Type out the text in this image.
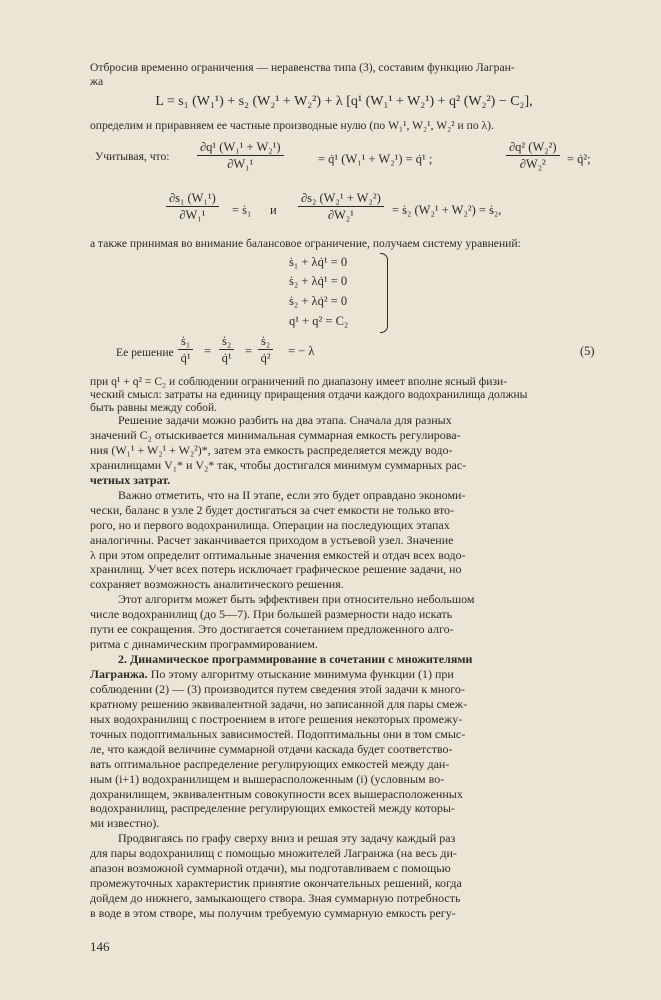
Отбросив временно ограничения — неравенства типа (3), составим функцию Лагран-
жа
L = s₁ (W₁¹) + s₂ (W₂¹ + W₂²) + λ [q¹ (W₁¹ + W₂¹) + q² (W₂²) − C₂],
определим и приравняем ее частные производные нулю (по W₁¹, W₂¹, W₂² и по λ).
Учитывая, что: $\frac{\text{∂q¹ (W₁¹ + W₂¹)}}{\text{∂W₁¹}}$	= q̇¹ (W₁¹ + W₂¹) = q̇¹ ;	$\frac{\text{∂q² (W₂²)}}{\text{∂W₂²}}$ = q̇²;
$\frac{\text{∂s₁ (W₁¹)}}{\text{∂W₁¹}}$ = ṡ₁ и $\frac{\text{∂s₂ (W₂¹ + W₂²)}}{\text{∂W₂¹}}$ = ṡ₂ (W₂¹ + W₂²) = ṡ₂,
а также принимая во внимание балансовое ограничение, получаем систему уравнений:
ṡ₁ + λq̇¹ = 0
ṡ₂ + λq̇¹ = 0
ṡ₂ + λq̇² = 0
q¹ + q² = C₂
Ее решение $\frac{\text{ṡ₁}}{\text{q̇¹}} = \frac{\text{ṡ₂}}{\text{q̇¹}} = \frac{\text{ṡ₂}}{\text{q̇²}}$ = − λ	(5)
при q¹ + q² = C₂ и соблюдении ограничений по диапазону имеет вполне ясный физи-
ческий смысл: затраты на единицу приращения отдачи каждого водохранилища должны
быть равны между собой.
Решение задачи можно разбить на два этапа. Сначала для разных
значений C₂ отыскивается минимальная суммарная емкость регулирова-
ния (W₁¹ + W₂¹ + W₂²)*, затем эта емкость распределяется между водо-
хранилищами V₁* и V₂* так, чтобы достигался минимум суммарных рас-
четных затрат.
Важно отметить, что на II этапе, если это будет оправдано экономи-
чески, баланс в узле 2 будет достигаться за счет емкости не только вто-
рого, но и первого водохранилища. Операции на последующих этапах
аналогичны. Расчет заканчивается приходом в устьевой узел. Значение
λ при этом определит оптимальные значения емкостей и отдач всех водо-
хранилищ. Учет всех потерь исключает графическое решение задачи, но
сохраняет возможность аналитического решения.
Этот алгоритм может быть эффективен при относительно небольшом
числе водохранилищ (до 5—7). При большей размерности надо искать
пути ее сокращения. Это достигается сочетанием предложенного алго-
ритма с динамическим программированием.
2. Динамическое программирование в сочетании с множителями
Лагранжа. По этому алгоритму отыскание минимума функции (1) при
соблюдении (2) — (3) производится путем сведения этой задачи к много-
кратному решению эквивалентной задачи, но записанной для пары смеж-
ных водохранилищ с построением в итоге решения некоторых промежу-
точных подоптимальных зависимостей. Подоптимальны они в том смыс-
ле, что каждой величине суммарной отдачи каскада будет соответство-
вать оптимальное распределение регулирующих емкостей между дан-
ным (i+1) водохранилищем и вышерасположенным (i) (условным во-
дохранилищем, эквивалентным совокупности всех вышерасположенных
водохранилищ, распределение регулирующих емкостей между которы-
ми известно).
Продвигаясь по графу сверху вниз и решая эту задачу каждый раз
для пары водохранилищ с помощью множителей Лагранжа (на весь ди-
апазон возможной суммарной отдачи), мы подготавливаем с помощью
промежуточных характеристик принятие окончательных решений, когда
дойдем до нижнего, замыкающего створа. Зная суммарную потребность
в воде в этом створе, мы получим требуемую суммарную емкость регу-
146
